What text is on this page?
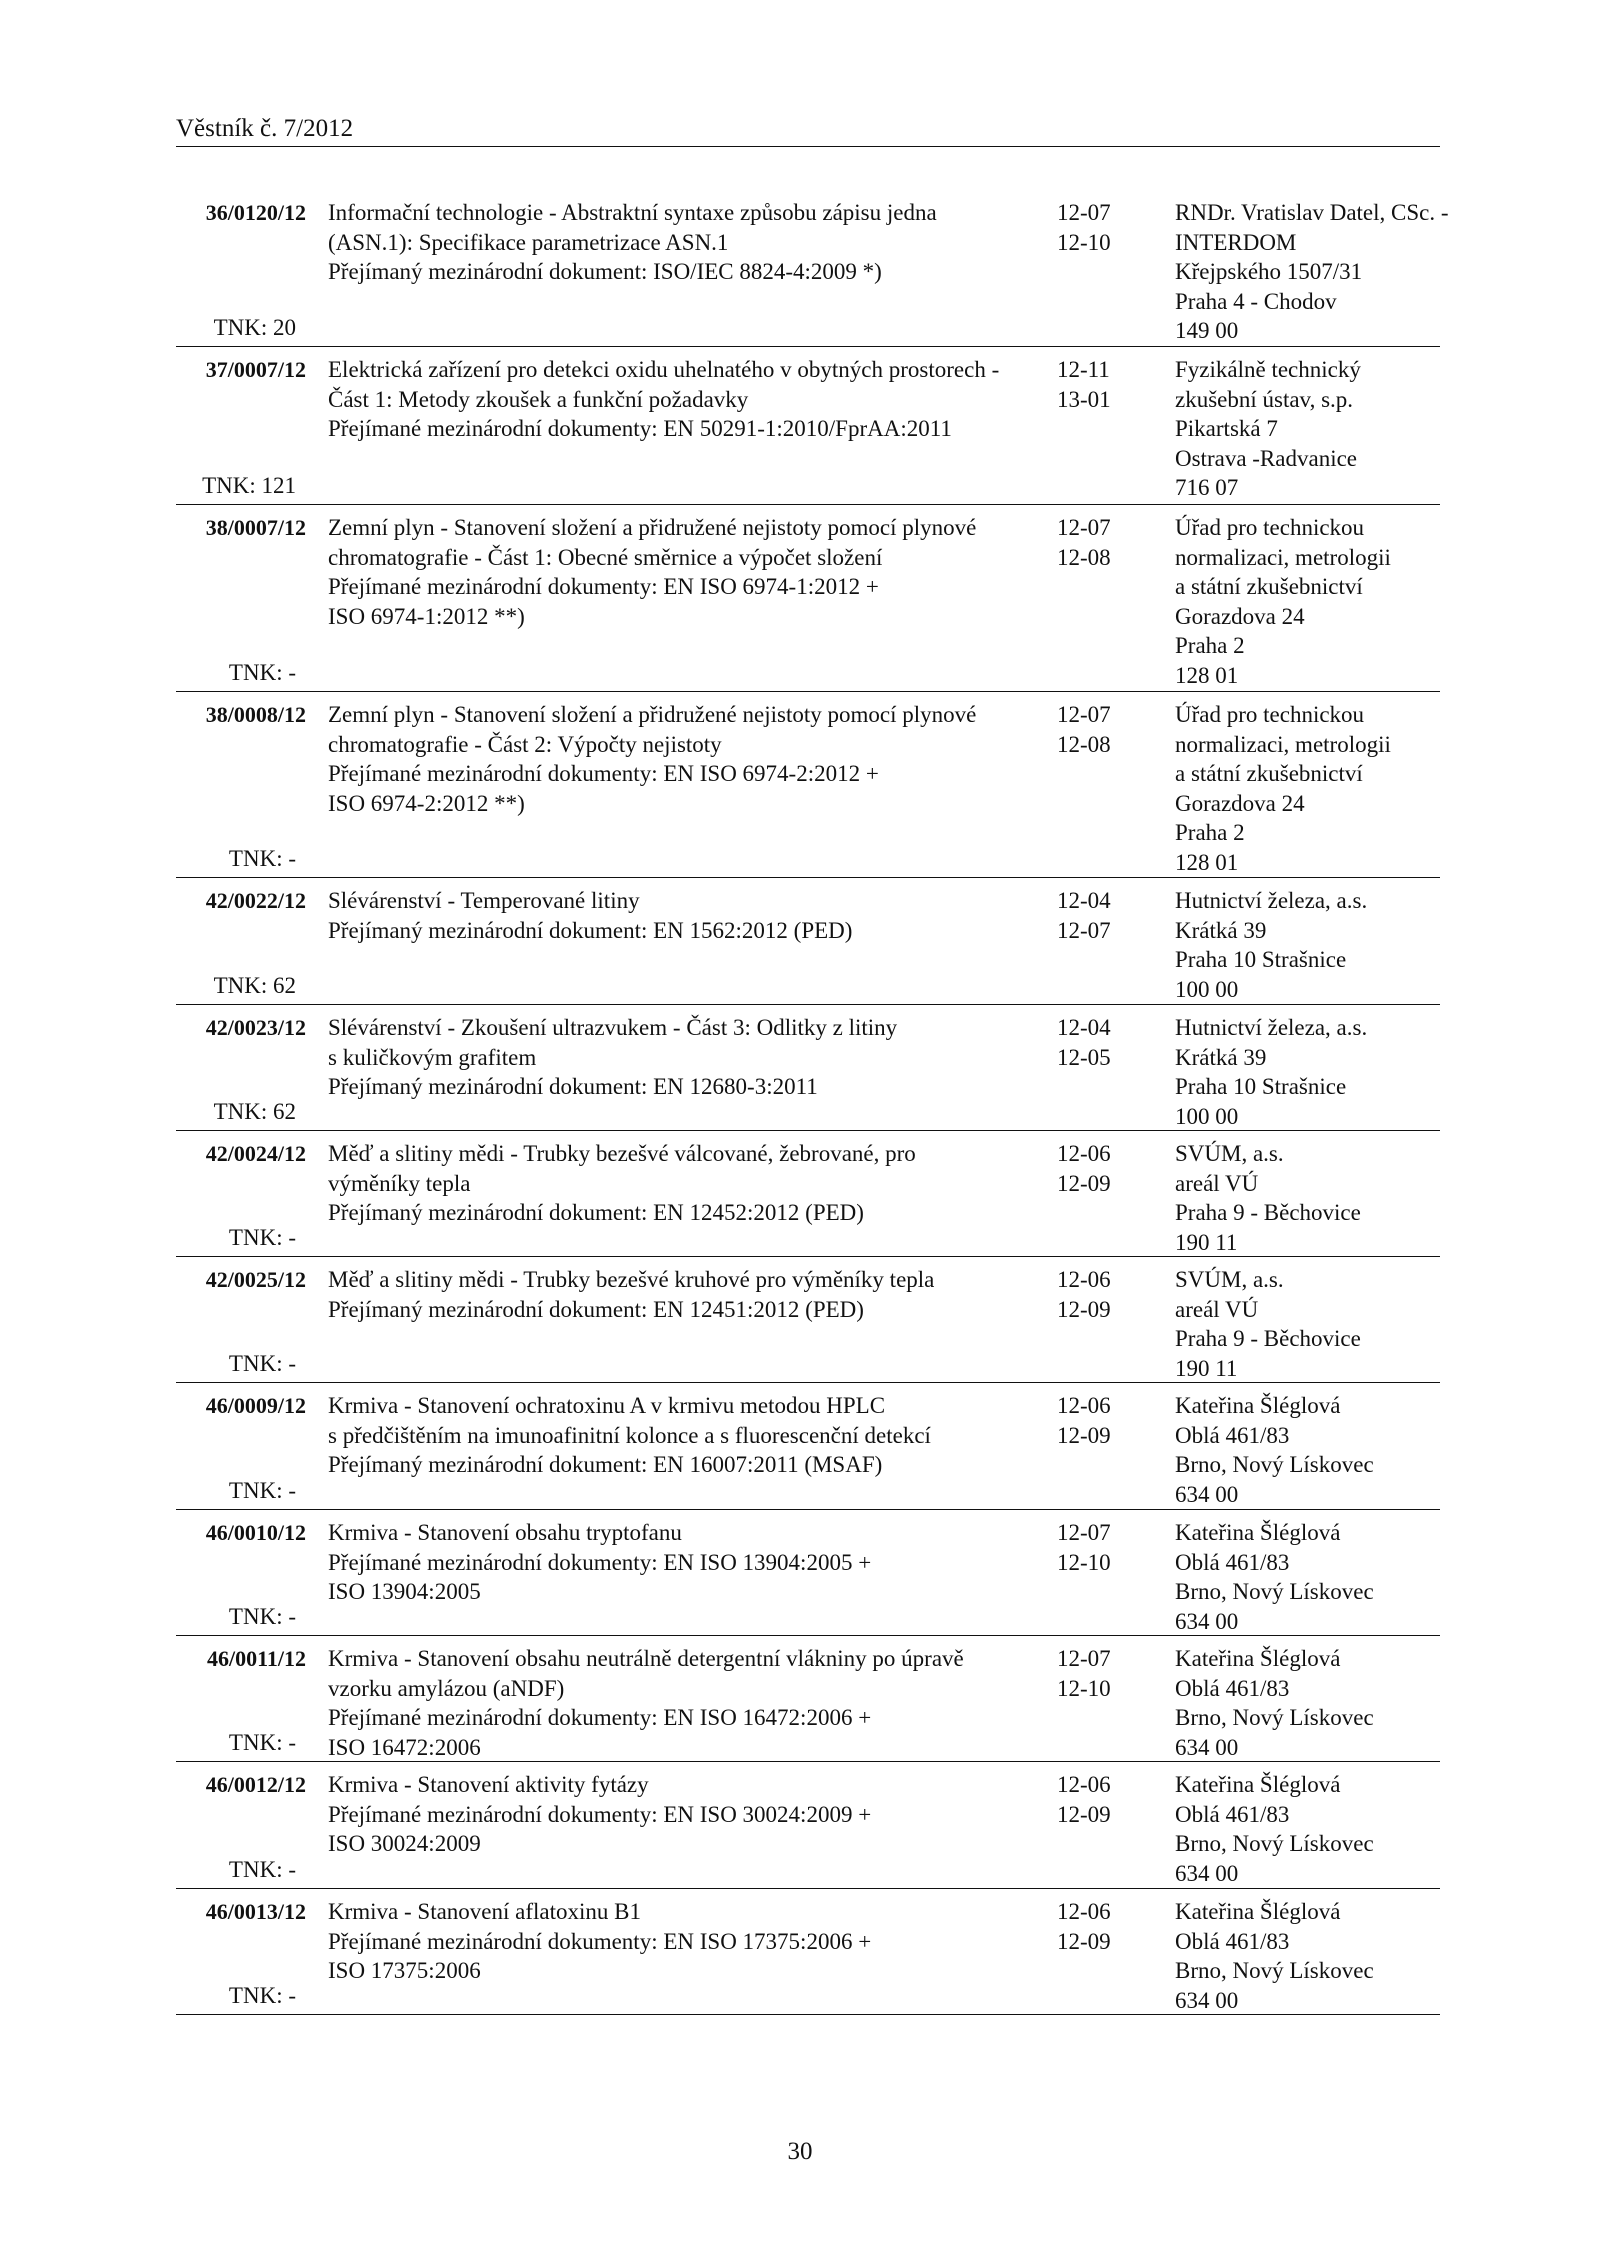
Věstník č. 7/2012
36/0120/12
TNK: 20
Informační technologie - Abstraktní syntaxe způsobu zápisu jedna
(ASN.1): Specifikace parametrizace ASN.1
Přejímaný mezinárodní dokument: ISO/IEC 8824-4:2009 *)
12-07
12-10
RNDr. Vratislav Datel, CSc. -
INTERDOM
Křejpského 1507/31
Praha 4 - Chodov
149 00
37/0007/12
TNK: 121
Elektrická zařízení pro detekci oxidu uhelnatého v obytných prostorech -
Část 1: Metody zkoušek a funkční požadavky
Přejímané mezinárodní dokumenty: EN 50291-1:2010/FprAA:2011
12-11
13-01
Fyzikálně technický
zkušební ústav, s.p.
Pikartská 7
Ostrava -Radvanice
716 07
38/0007/12
TNK: -
Zemní plyn - Stanovení složení a přidružené nejistoty pomocí plynové
chromatografie - Část 1: Obecné směrnice a výpočet složení
Přejímané mezinárodní dokumenty: EN ISO 6974-1:2012 +
ISO 6974-1:2012 **)
12-07
12-08
Úřad pro technickou
normalizaci, metrologii
a státní zkušebnictví
Gorazdova 24
Praha 2
128 01
38/0008/12
TNK: -
Zemní plyn - Stanovení složení a přidružené nejistoty pomocí plynové
chromatografie - Část 2: Výpočty nejistoty
Přejímané mezinárodní dokumenty: EN ISO 6974-2:2012 +
ISO 6974-2:2012 **)
12-07
12-08
Úřad pro technickou
normalizaci, metrologii
a státní zkušebnictví
Gorazdova 24
Praha 2
128 01
42/0022/12
TNK: 62
Slévárenství - Temperované litiny
Přejímaný mezinárodní dokument: EN 1562:2012 (PED)
12-04
12-07
Hutnictví železa, a.s.
Krátká 39
Praha 10 Strašnice
100 00
42/0023/12
TNK: 62
Slévárenství - Zkoušení ultrazvukem - Část 3: Odlitky z litiny
s kuličkovým grafitem
Přejímaný mezinárodní dokument: EN 12680-3:2011
12-04
12-05
Hutnictví železa, a.s.
Krátká 39
Praha 10 Strašnice
100 00
42/0024/12
TNK: -
Měď a slitiny mědi - Trubky bezešvé válcované, žebrované, pro
výměníky tepla
Přejímaný mezinárodní dokument: EN 12452:2012 (PED)
12-06
12-09
SVÚM, a.s.
areál VÚ
Praha 9 - Běchovice
190 11
42/0025/12
TNK: -
Měď a slitiny mědi - Trubky bezešvé kruhové pro výměníky tepla
Přejímaný mezinárodní dokument: EN 12451:2012 (PED)
12-06
12-09
SVÚM, a.s.
areál VÚ
Praha 9 - Běchovice
190 11
46/0009/12
TNK: -
Krmiva - Stanovení ochratoxinu A v krmivu metodou HPLC
s předčištěním na imunoafinitní kolonce a s fluorescenční detekcí
Přejímaný mezinárodní dokument: EN 16007:2011 (MSAF)
12-06
12-09
Kateřina Šléglová
Oblá 461/83
Brno, Nový Lískovec
634 00
46/0010/12
TNK: -
Krmiva - Stanovení obsahu tryptofanu
Přejímané mezinárodní dokumenty: EN ISO 13904:2005 +
ISO 13904:2005
12-07
12-10
Kateřina Šléglová
Oblá 461/83
Brno, Nový Lískovec
634 00
46/0011/12
TNK: -
Krmiva - Stanovení obsahu neutrálně detergentní vlákniny po úpravě
vzorku amylázou (aNDF)
Přejímané mezinárodní dokumenty: EN ISO 16472:2006 +
ISO 16472:2006
12-07
12-10
Kateřina Šléglová
Oblá 461/83
Brno, Nový Lískovec
634 00
46/0012/12
TNK: -
Krmiva - Stanovení aktivity fytázy
Přejímané mezinárodní dokumenty: EN ISO 30024:2009 +
ISO 30024:2009
12-06
12-09
Kateřina Šléglová
Oblá 461/83
Brno, Nový Lískovec
634 00
46/0013/12
TNK: -
Krmiva - Stanovení aflatoxinu B1
Přejímané mezinárodní dokumenty: EN ISO 17375:2006 +
ISO 17375:2006
12-06
12-09
Kateřina Šléglová
Oblá 461/83
Brno, Nový Lískovec
634 00
30
